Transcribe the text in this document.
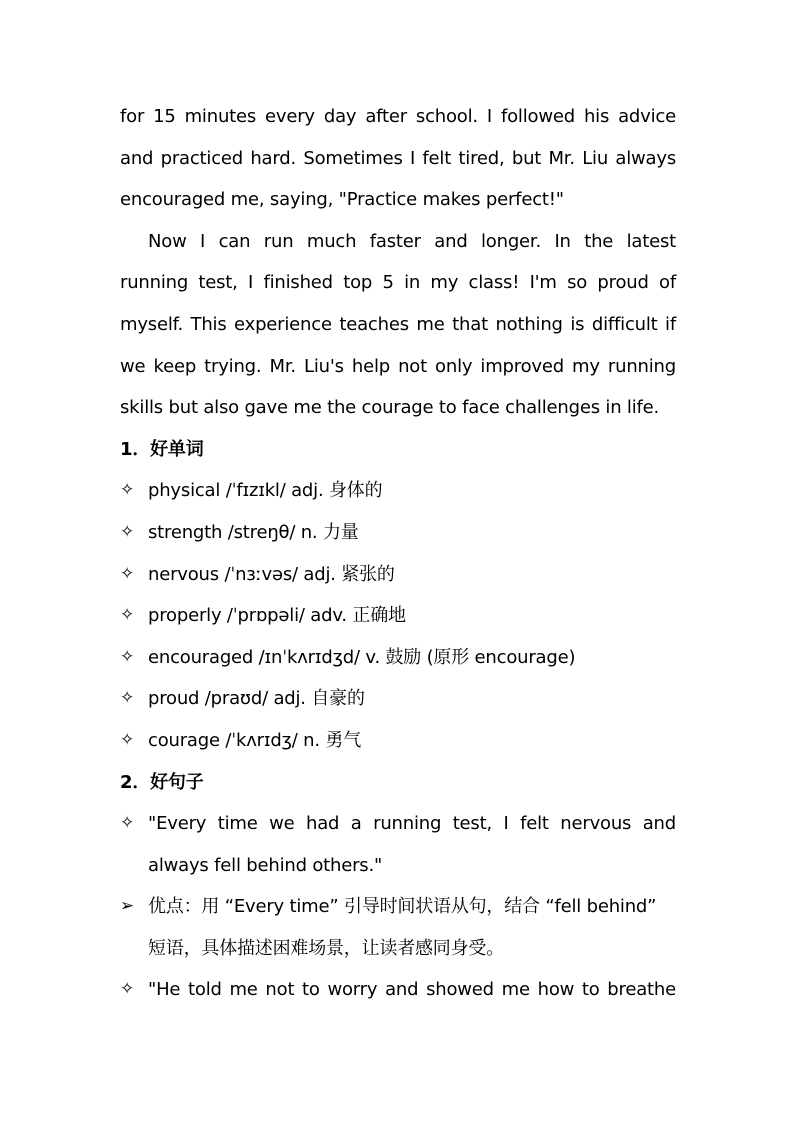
for 15 minutes every day after school. I followed his advice
and practiced hard. Sometimes I felt tired, but Mr. Liu always
encouraged me, saying, "Practice makes perfect!"
Now I can run much faster and longer. In the latest
running test, I finished top 5 in my class! I'm so proud of
myself. This experience teaches me that nothing is difficult if
we keep trying. Mr. Liu's help not only improved my running
skills but also gave me the courage to face challenges in life.
1．好单词
✧ physical /ˈfɪzɪkl/ adj. 身体的
✧ strength /streŋθ/ n. 力量
✧ nervous /ˈnɜːvəs/ adj. 紧张的
✧ properly /ˈprɒpəli/ adv. 正确地
✧ encouraged /ɪnˈkʌrɪdʒd/ v. 鼓励 (原形 encourage)
✧ proud /praʊd/ adj. 自豪的
✧ courage /ˈkʌrɪdʒ/ n. 勇气
2．好句子
✧ "Every time we had a running test, I felt nervous and
always fell behind others."
➢ 优点：用 “Every time” 引导时间状语从句，结合 “fell behind”
短语，具体描述困难场景，让读者感同身受。
✧ "He told me not to worry and showed me how to breathe
